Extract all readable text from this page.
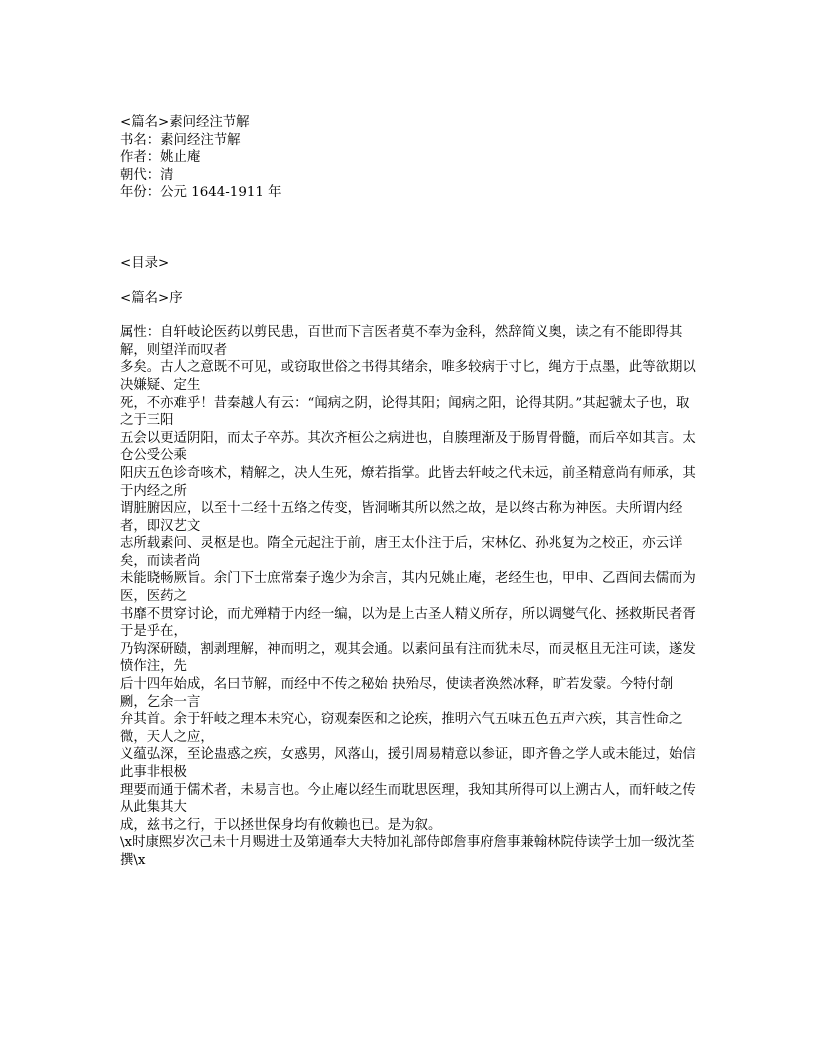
<篇名>素问经注节解
书名：素问经注节解
作者：姚止庵
朝代：清
年份：公元 1644-1911 年
<目录>
<篇名>序
属性：自轩岐论医药以剪民患，百世而下言医者莫不奉为金科，然辞简义奥，读之有不能即得其解，则望洋而叹者
多矣。古人之意既不可见，或窃取世俗之书得其绪余，唯多较病于寸匕，绳方于点墨，此等欲期以决嫌疑、定生
死，不亦难乎！昔秦越人有云：“闻病之阴，论得其阳；闻病之阳，论得其阴。”其起虢太子也，取之于三阳
五会以更适阴阳，而太子卒苏。其次齐桓公之病进也，自腠理渐及于肠胃骨髓，而后卒如其言。太仓公受公乘
阳庆五色诊奇咳术，精解之，决人生死，燎若指掌。此皆去轩岐之代未远，前圣精意尚有师承，其于内经之所
谓脏腑因应，以至十二经十五络之传变，皆洞晰其所以然之故，是以终古称为神医。夫所谓内经者，即汉艺文
志所载素问、灵枢是也。隋全元起注于前，唐王太仆注于后，宋林亿、孙兆复为之校正，亦云详矣，而读者尚
未能晓畅厥旨。余门下士庶常秦子逸少为余言，其内兄姚止庵，老经生也，甲申、乙酉间去儒而为医，医药之
书靡不贯穿讨论，而尤殚精于内经一编，以为是上古圣人精义所存，所以调燮气化、拯救斯民者胥于是乎在，
乃钩深研赜，割剥理解，神而明之，观其会通。以素问虽有注而犹未尽，而灵枢且无注可读，遂发愤作注，先
后十四年始成，名曰节解，而经中不传之秘始 抉殆尽，使读者涣然冰释，旷若发蒙。今特付剞劂，乞余一言
弁其首。余于轩岐之理本未究心，窃观秦医和之论疾，推明六气五味五色五声六疾，其言性命之微，天人之应，
义蕴弘深，至论蛊惑之疾，女惑男，风落山，援引周易精意以参证，即齐鲁之学人或未能过，始信此事非根极
理要而通于儒术者，未易言也。今止庵以经生而耽思医理，我知其所得可以上溯古人，而轩岐之传从此集其大
成，兹书之行，于以拯世保身均有攸赖也已。是为叙。
\x时康熙岁次己未十月赐进士及第通奉大夫特加礼部侍郎詹事府詹事兼翰林院侍读学士加一级沈荃撰\x
